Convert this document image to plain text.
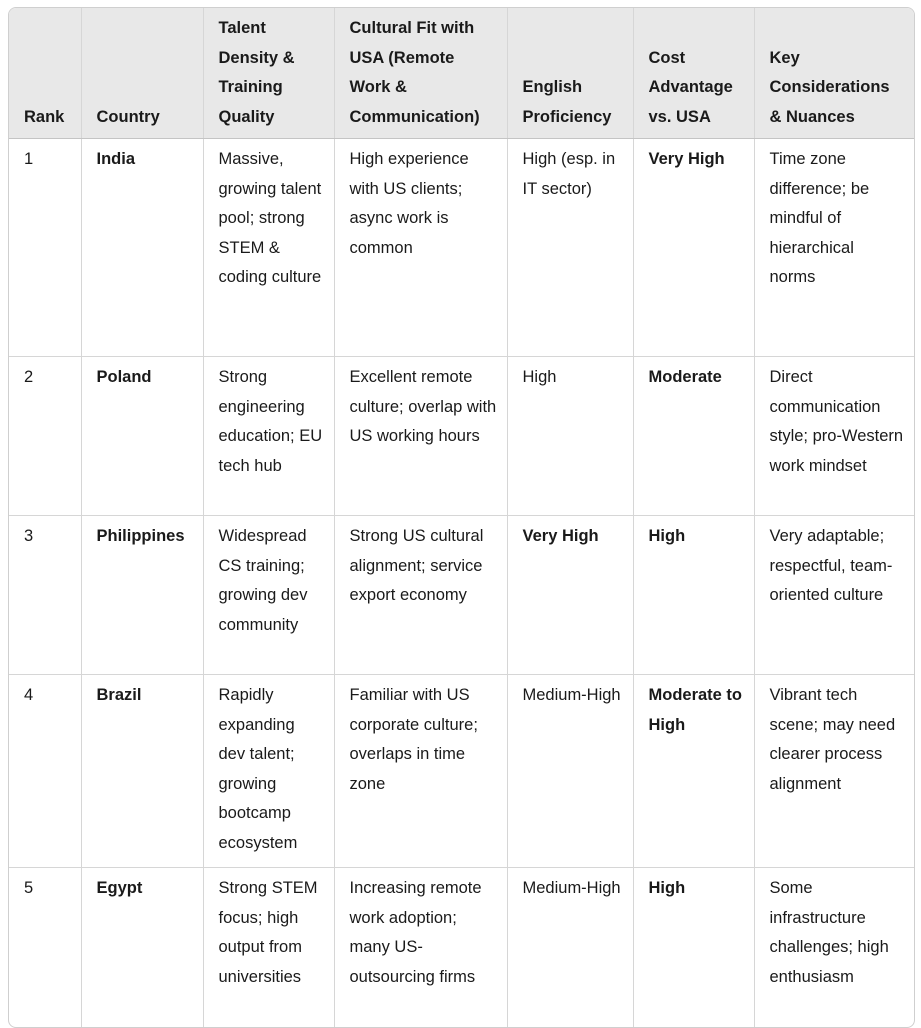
Rank	Country	Talent Density & Training Quality	Cultural Fit with USA (Remote Work & Communication)	English Proficiency	Cost Advantage vs. USA	Key Considerations & Nuances
1	India	Massive, growing talent pool; strong STEM & coding culture	High experience with US clients; async work is common	High (esp. in IT sector)	Very High	Time zone difference; be mindful of hierarchical norms
2	Poland	Strong engineering education; EU tech hub	Excellent remote culture; overlap with US working hours	High	Moderate	Direct communication style; pro-Western work mindset
3	Philippines	Widespread CS training; growing dev community	Strong US cultural alignment; service export economy	Very High	High	Very adaptable; respectful, team-oriented culture
4	Brazil	Rapidly expanding dev talent; growing bootcamp ecosystem	Familiar with US corporate culture; overlaps in time zone	Medium-High	Moderate to High	Vibrant tech scene; may need clearer process alignment
5	Egypt	Strong STEM focus; high output from universities	Increasing remote work adoption; many US-outsourcing firms	Medium-High	High	Some infrastructure challenges; high enthusiasm
